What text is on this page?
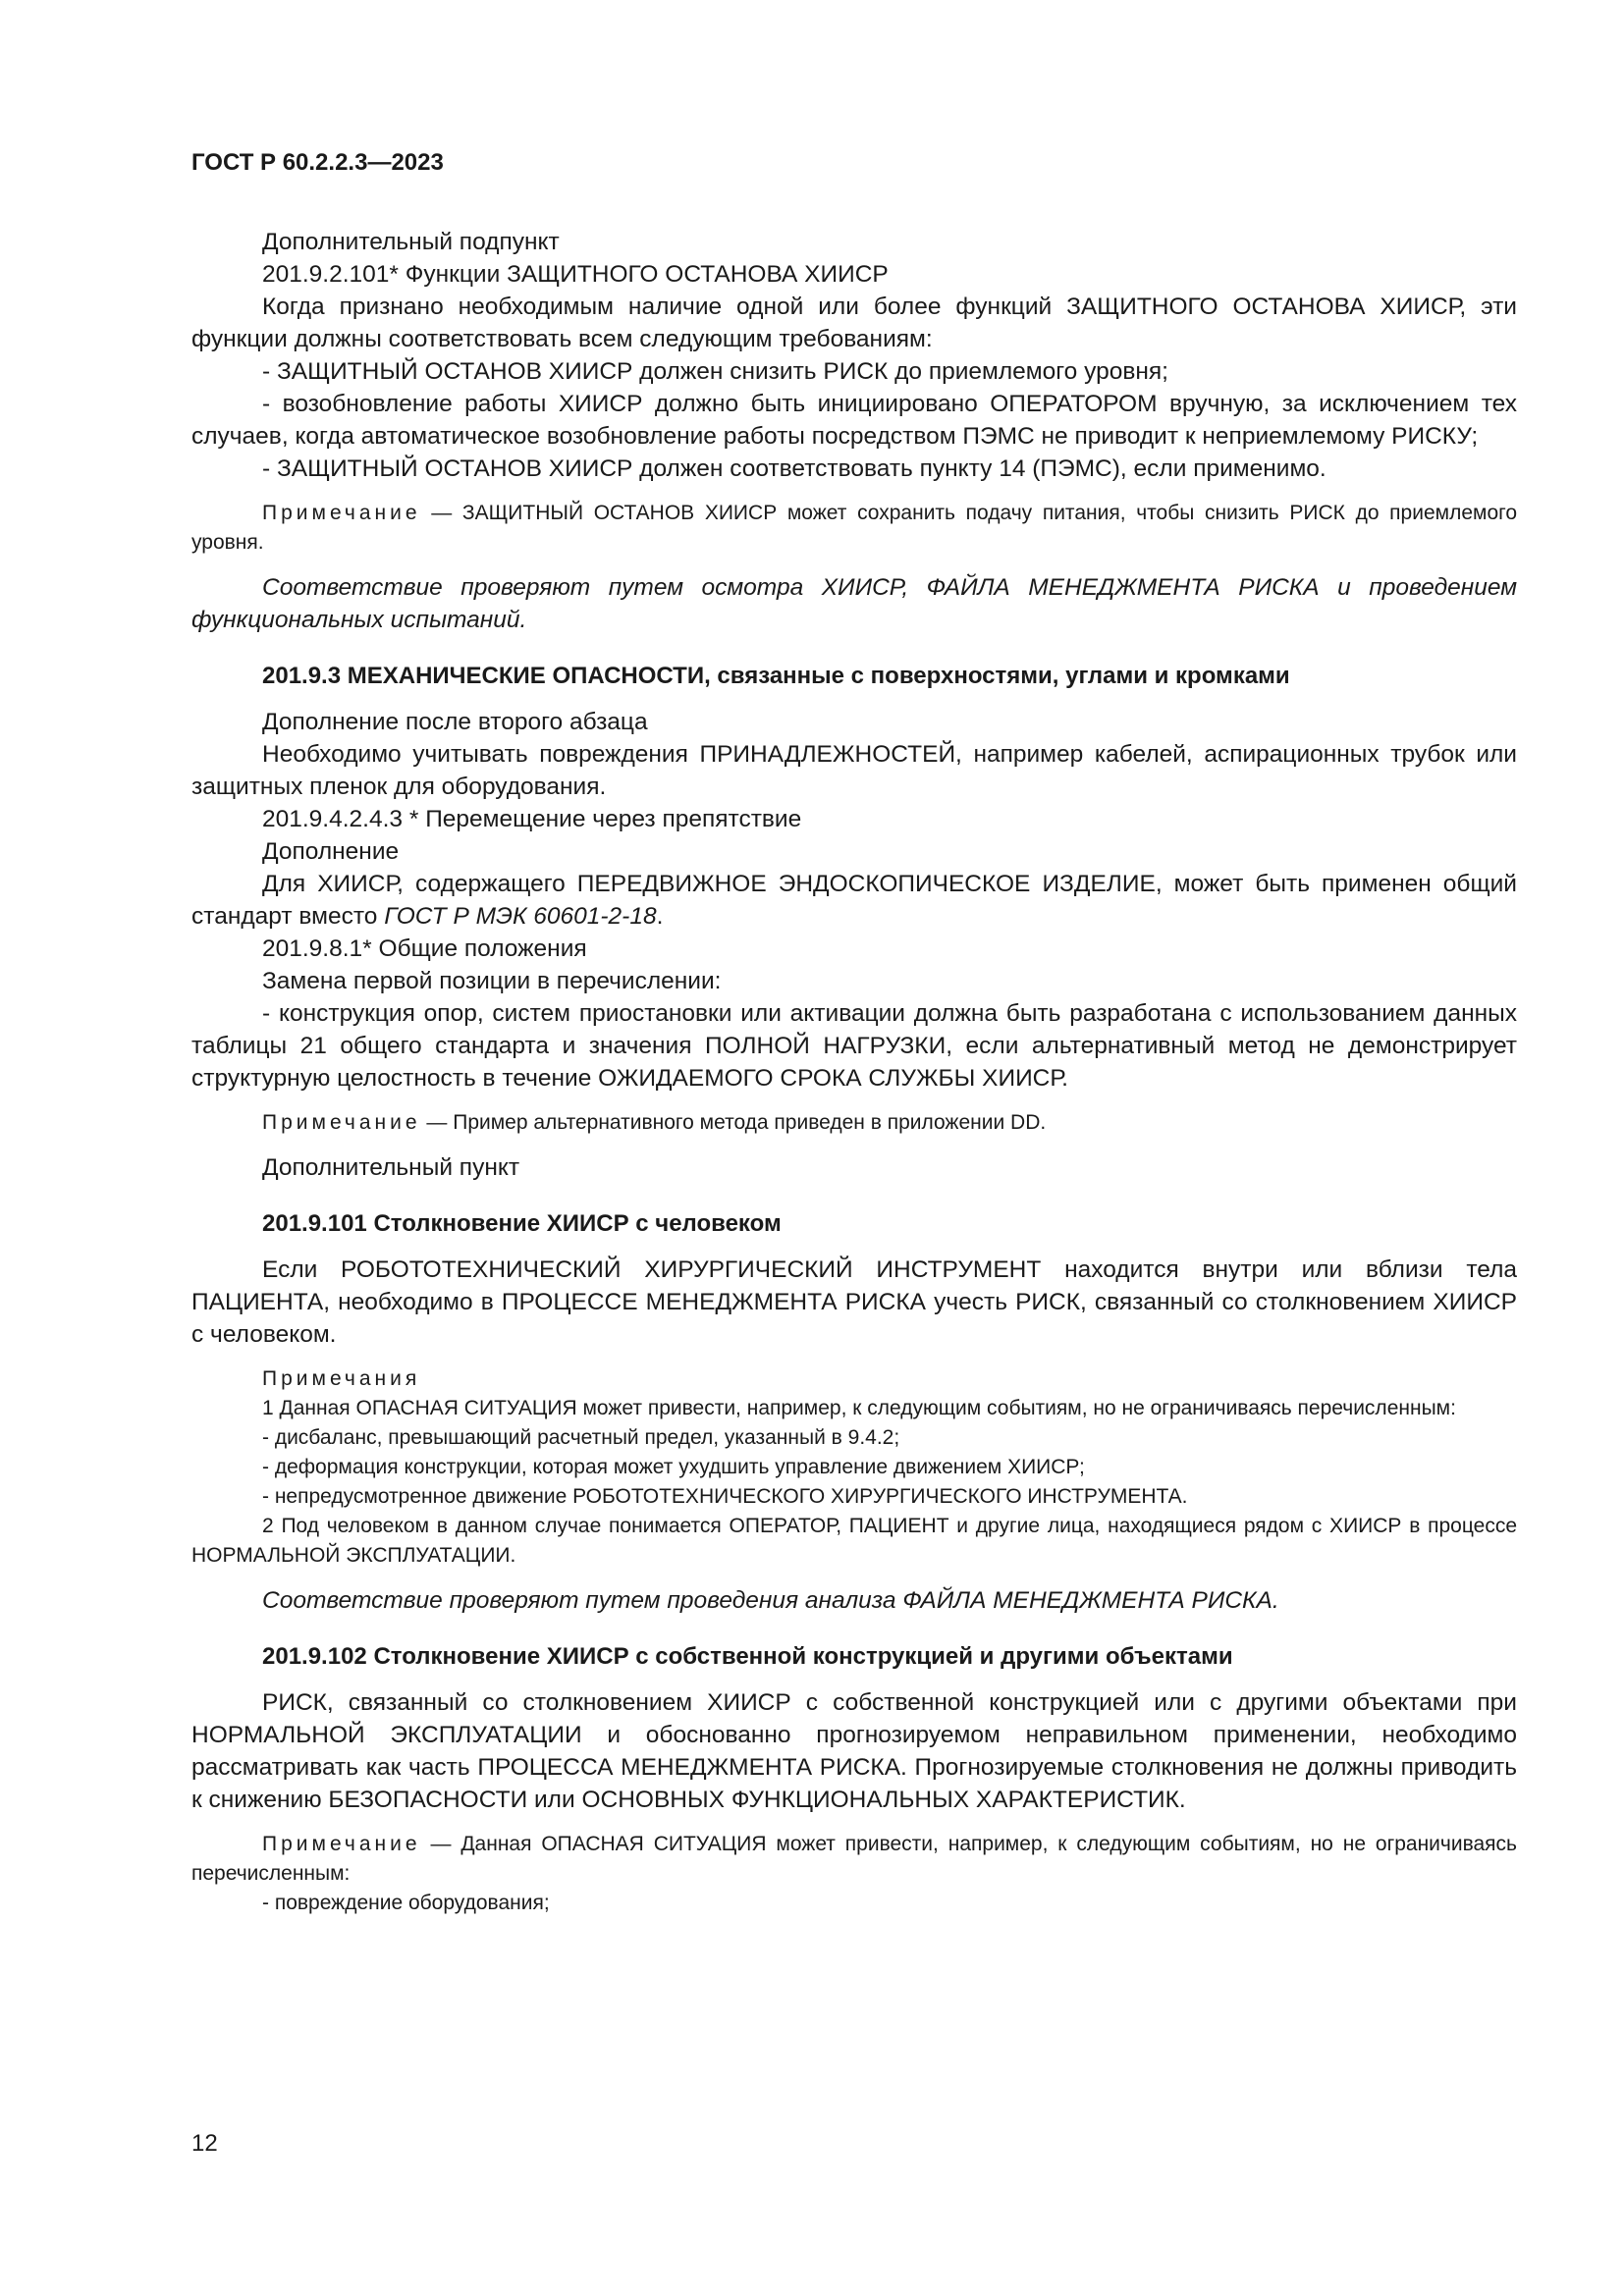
ГОСТ Р 60.2.2.3—2023

Дополнительный подпункт

201.9.2.101* Функции ЗАЩИТНОГО ОСТАНОВА ХИИСР

Когда признано необходимым наличие одной или более функций ЗАЩИТНОГО ОСТАНОВА ХИИСР, эти функции должны соответствовать всем следующим требованиям:

- ЗАЩИТНЫЙ ОСТАНОВ ХИИСР должен снизить РИСК до приемлемого уровня;

- возобновление работы ХИИСР должно быть инициировано ОПЕРАТОРОМ вручную, за исключением тех случаев, когда автоматическое возобновление работы посредством ПЭМС не приводит к неприемлемому РИСКУ;

- ЗАЩИТНЫЙ ОСТАНОВ ХИИСР должен соответствовать пункту 14 (ПЭМС), если применимо.

Примечание — ЗАЩИТНЫЙ ОСТАНОВ ХИИСР может сохранить подачу питания, чтобы снизить РИСК до приемлемого уровня.

Соответствие проверяют путем осмотра ХИИСР, ФАЙЛА МЕНЕДЖМЕНТА РИСКА и проведением функциональных испытаний.

201.9.3 МЕХАНИЧЕСКИЕ ОПАСНОСТИ, связанные с поверхностями, углами и кромками

Дополнение после второго абзаца

Необходимо учитывать повреждения ПРИНАДЛЕЖНОСТЕЙ, например кабелей, аспирационных трубок или защитных пленок для оборудования.

201.9.4.2.4.3 * Перемещение через препятствие

Дополнение

Для ХИИСР, содержащего ПЕРЕДВИЖНОЕ ЭНДОСКОПИЧЕСКОЕ ИЗДЕЛИЕ, может быть применен общий стандарт вместо ГОСТ Р МЭК 60601-2-18.

201.9.8.1* Общие положения

Замена первой позиции в перечислении:

- конструкция опор, систем приостановки или активации должна быть разработана с использованием данных таблицы 21 общего стандарта и значения ПОЛНОЙ НАГРУЗКИ, если альтернативный метод не демонстрирует структурную целостность в течение ОЖИДАЕМОГО СРОКА СЛУЖБЫ ХИИСР.

Примечание — Пример альтернативного метода приведен в приложении DD.

Дополнительный пункт

201.9.101 Столкновение ХИИСР с человеком

Если РОБОТОТЕХНИЧЕСКИЙ ХИРУРГИЧЕСКИЙ ИНСТРУМЕНТ находится внутри или вблизи тела ПАЦИЕНТА, необходимо в ПРОЦЕССЕ МЕНЕДЖМЕНТА РИСКА учесть РИСК, связанный со столкновением ХИИСР с человеком.

Примечания

1 Данная ОПАСНАЯ СИТУАЦИЯ может привести, например, к следующим событиям, но не ограничиваясь перечисленным:

- дисбаланс, превышающий расчетный предел, указанный в 9.4.2;

- деформация конструкции, которая может ухудшить управление движением ХИИСР;

- непредусмотренное движение РОБОТОТЕХНИЧЕСКОГО ХИРУРГИЧЕСКОГО ИНСТРУМЕНТА.

2 Под человеком в данном случае понимается ОПЕРАТОР, ПАЦИЕНТ и другие лица, находящиеся рядом с ХИИСР в процессе НОРМАЛЬНОЙ ЭКСПЛУАТАЦИИ.

Соответствие проверяют путем проведения анализа ФАЙЛА МЕНЕДЖМЕНТА РИСКА.

201.9.102 Столкновение ХИИСР с собственной конструкцией и другими объектами

РИСК, связанный со столкновением ХИИСР с собственной конструкцией или с другими объектами при НОРМАЛЬНОЙ ЭКСПЛУАТАЦИИ и обоснованно прогнозируемом неправильном применении, необходимо рассматривать как часть ПРОЦЕССА МЕНЕДЖМЕНТА РИСКА. Прогнозируемые столкновения не должны приводить к снижению БЕЗОПАСНОСТИ или ОСНОВНЫХ ФУНКЦИОНАЛЬНЫХ ХАРАКТЕРИСТИК.

Примечание — Данная ОПАСНАЯ СИТУАЦИЯ может привести, например, к следующим событиям, но не ограничиваясь перечисленным:

- повреждение оборудования;

12
